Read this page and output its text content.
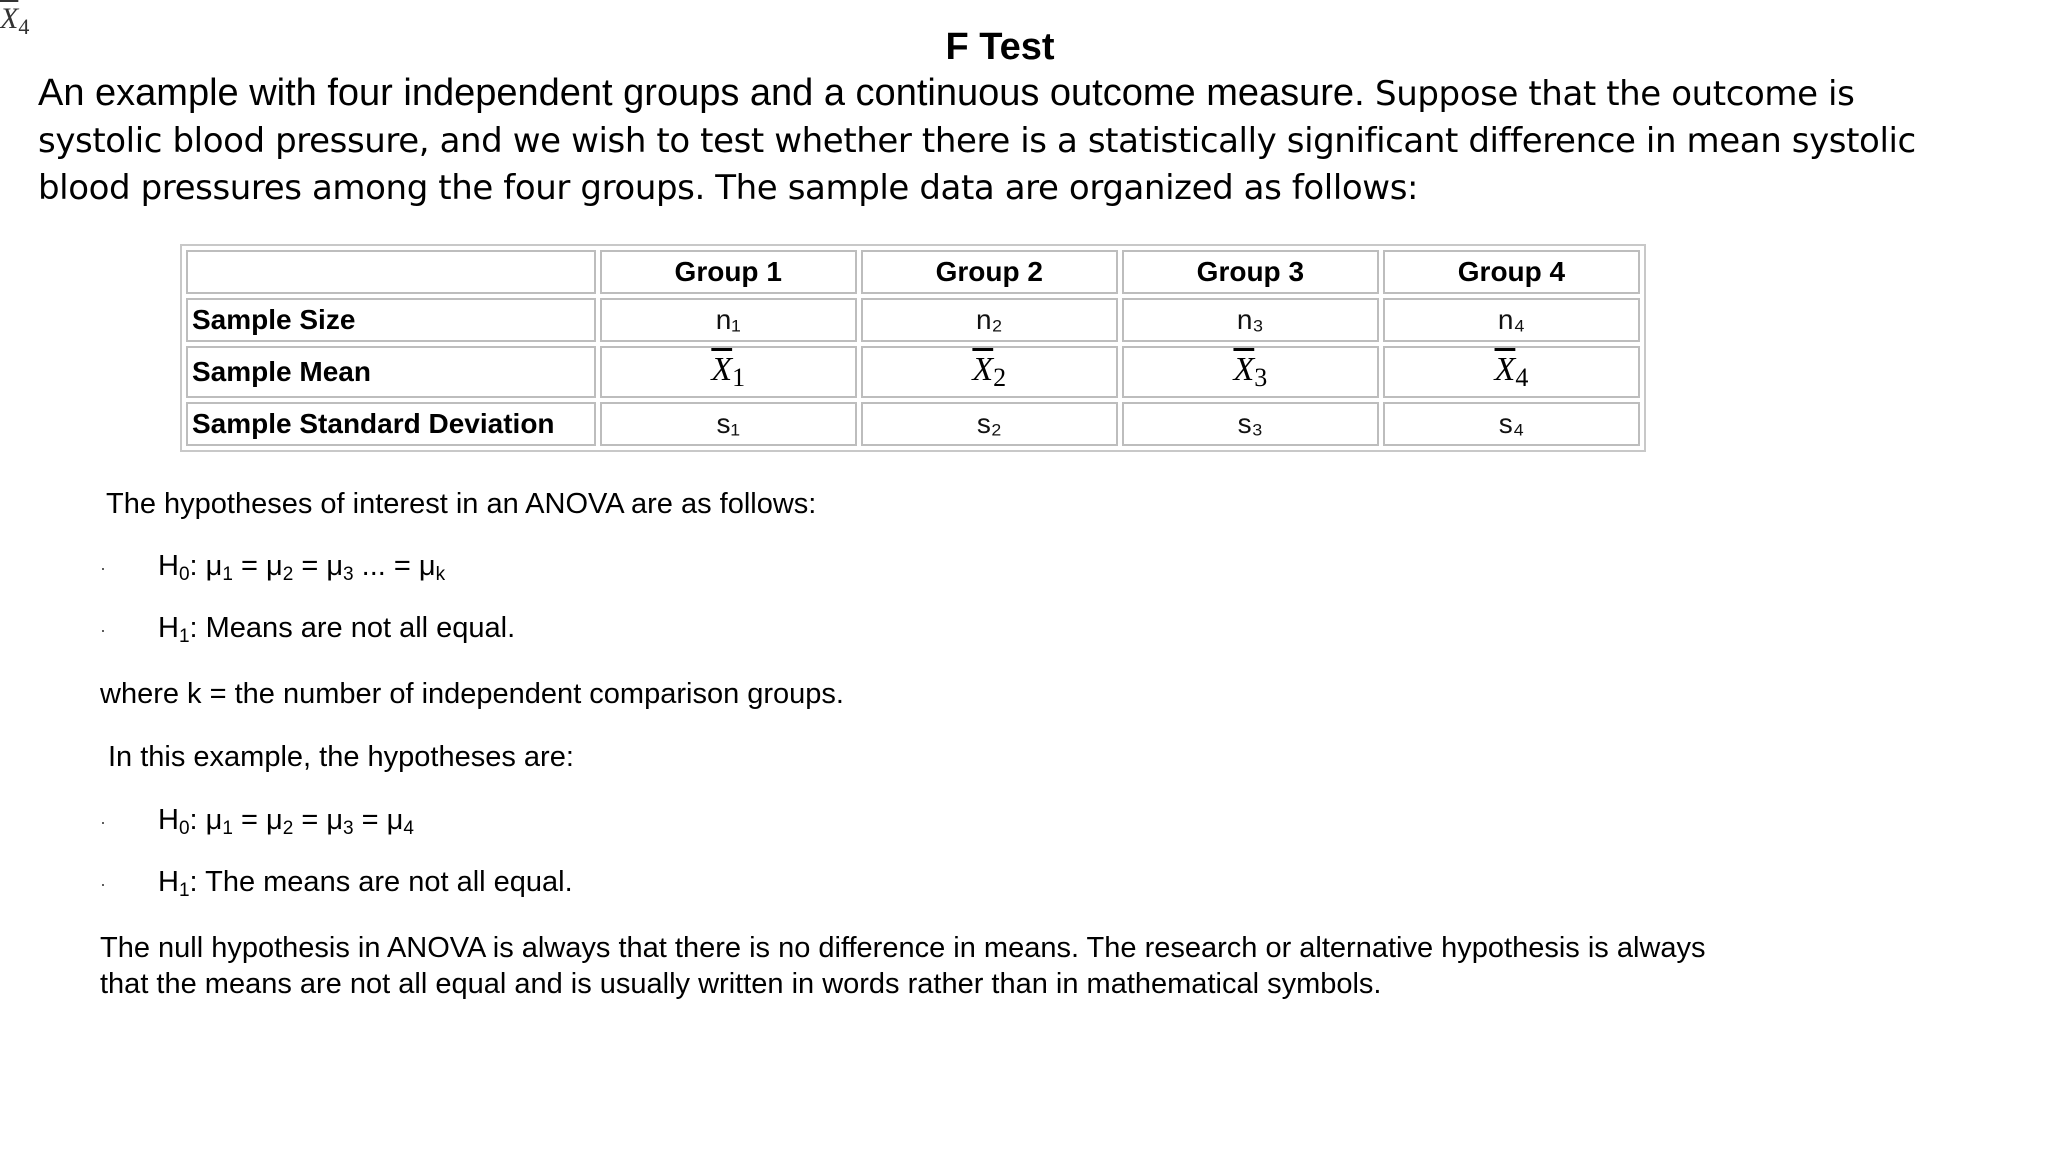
$\overline{X}_4$	F Test
An example with four independent groups and a continuous outcome measure. Suppose that the outcome is systolic blood pressure, and we wish to test whether there is a statistically significant difference in mean systolic blood pressures among the four groups. The sample data are organized as follows:
	Group 1	Group 2	Group 3	Group 4
Sample Size	n₁	n₂	n₃	n₄
Sample Mean	$\overline{X}1$	$\overline{X}2$	$\overline{X}3$	$\overline{X}4$
Sample Standard Deviation	s₁	s₂	s₃	s₄
The hypotheses of interest in an ANOVA are as follows:
· $H_0$: $\mu_1 = \mu_2 = \mu_3$ ... = $\mu_k$
· $H_1$: Means are not all equal.
where k = the number of independent comparison groups.
In this example, the hypotheses are:
· $H_0$: $\mu_1 = \mu_2 = \mu_3 = \mu_4$
· $H_1$: The means are not all equal.
The null hypothesis in ANOVA is always that there is no difference in means. The research or alternative hypothesis is always
that the means are not all equal and is usually written in words rather than in mathematical symbols.
